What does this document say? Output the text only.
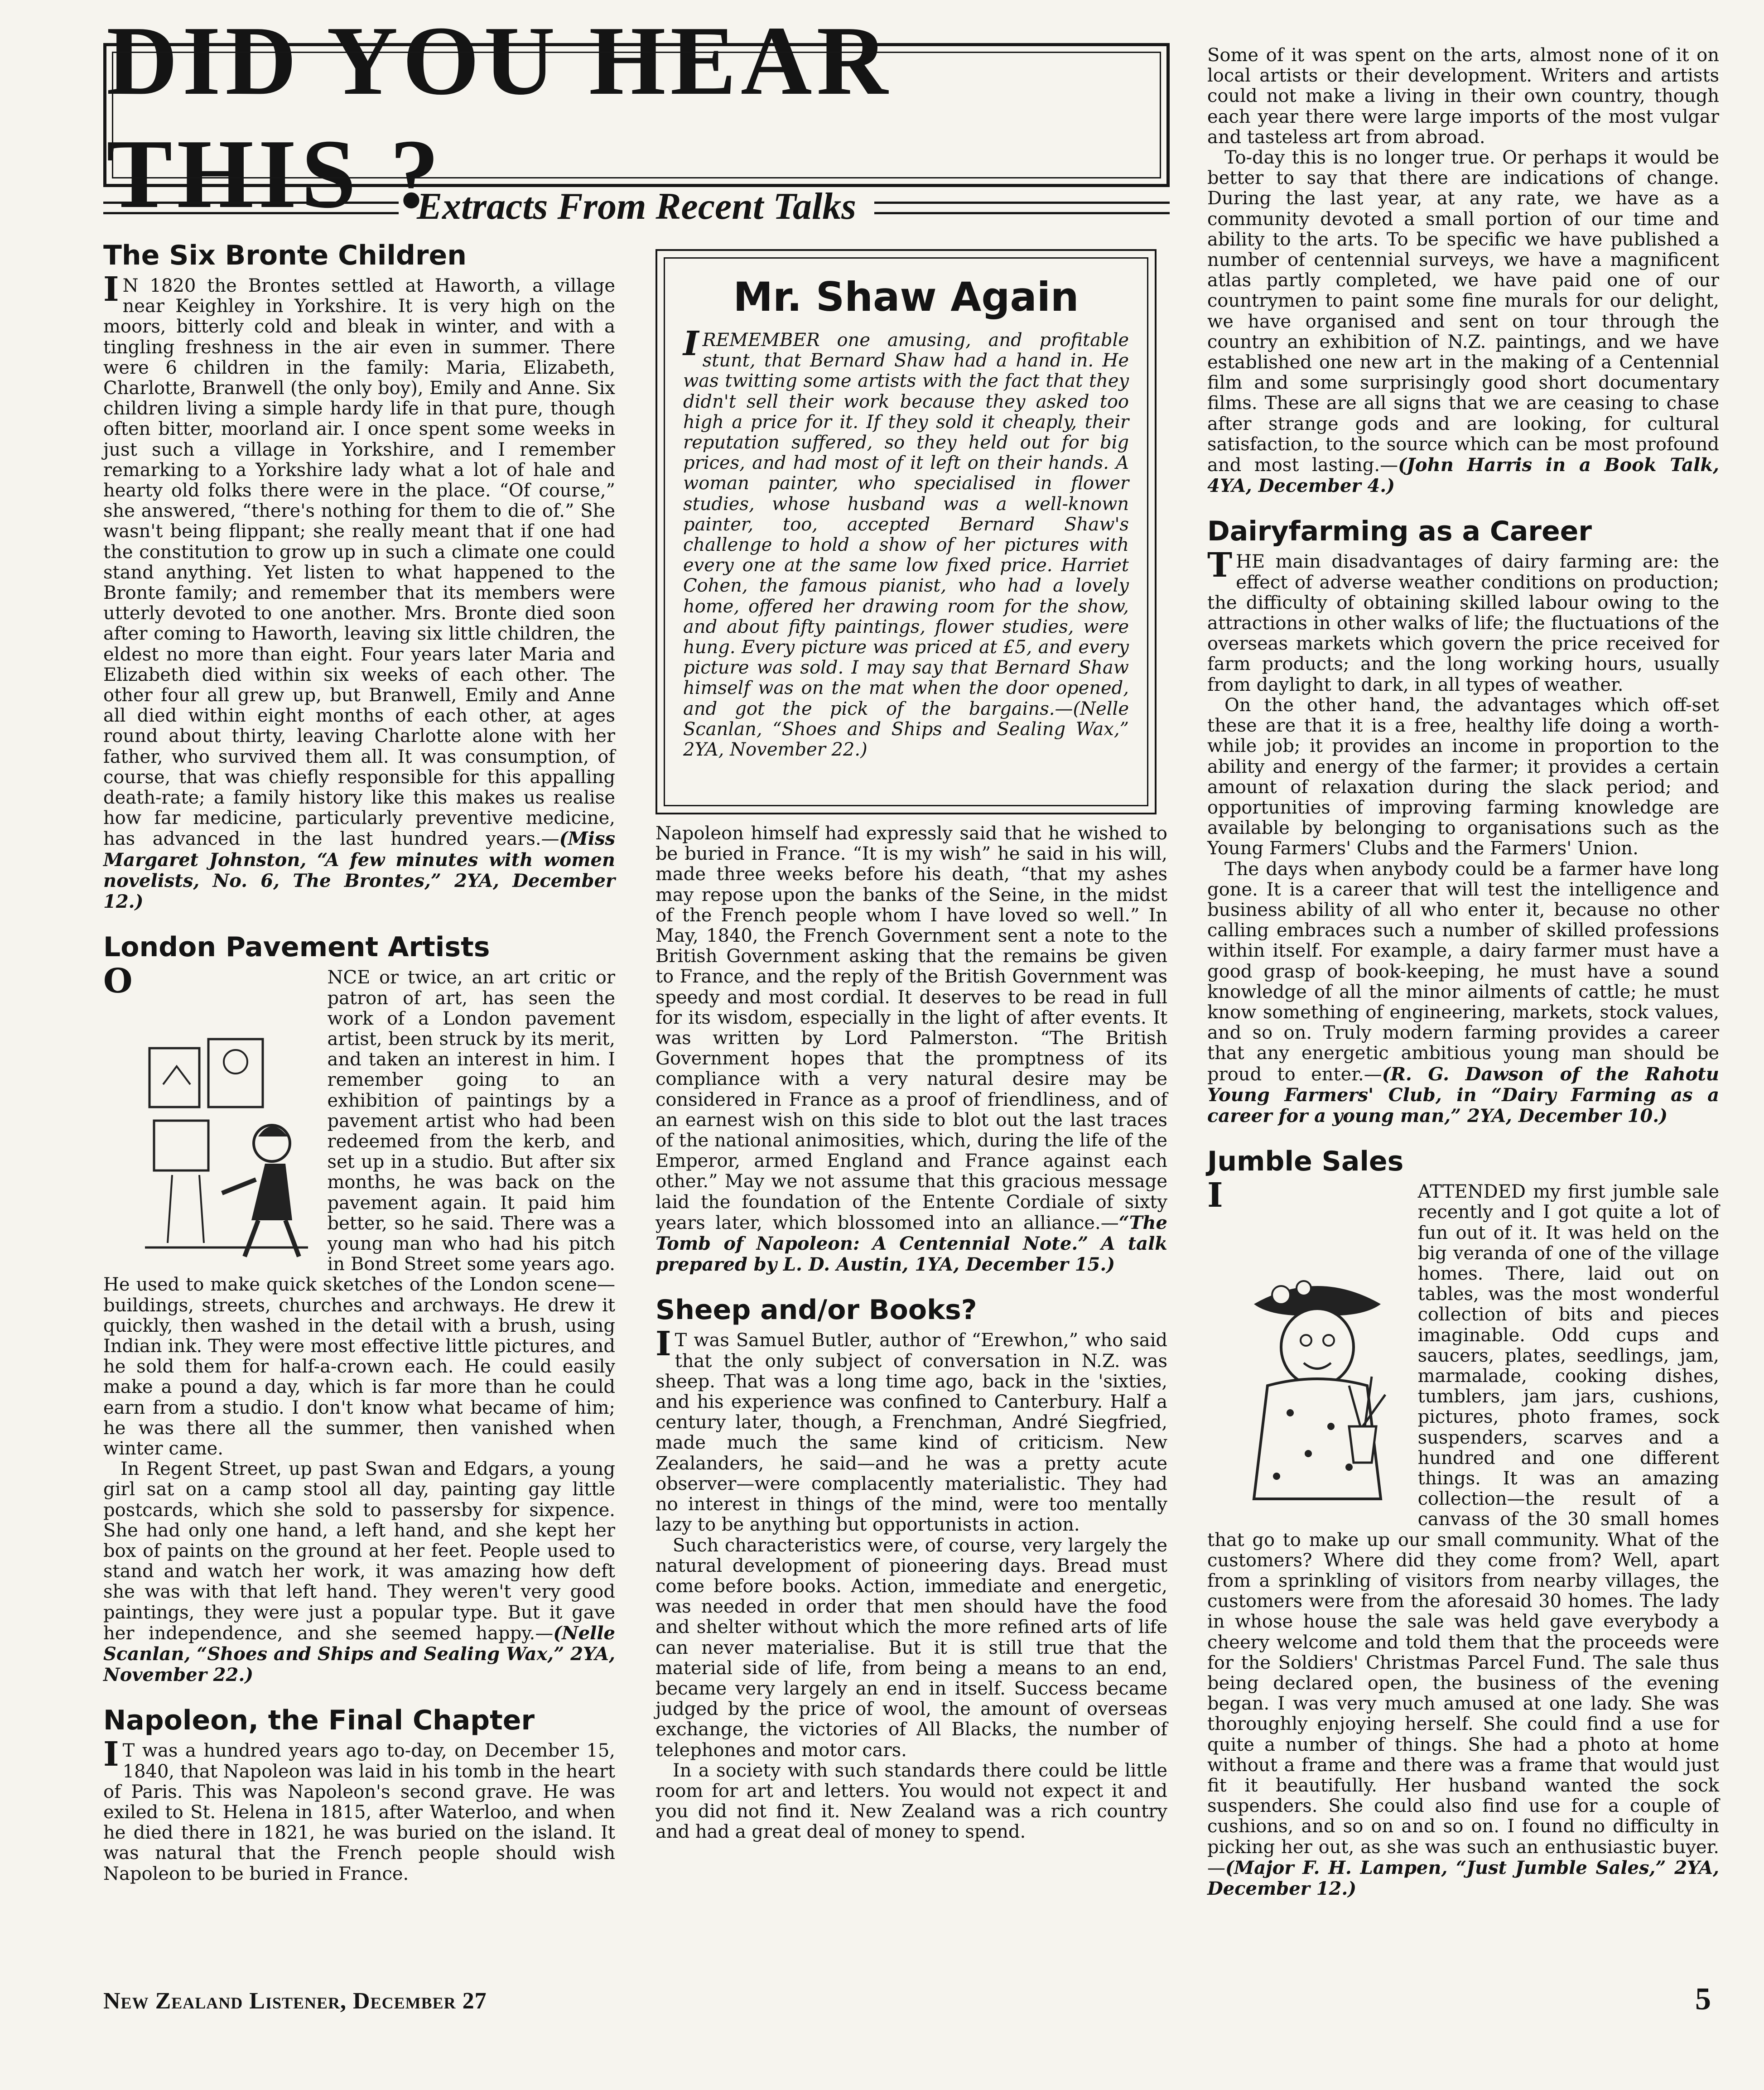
DID YOU HEAR THIS ?
Extracts From Recent Talks
The Six Bronte Children

I N 1820 the Brontes settled at Haworth, a village near Keighley in Yorkshire. It is very high on the moors, bitterly cold and bleak in winter, and with a tingling freshness in the air even in summer. There were 6 children in the family: Maria, Elizabeth, Charlotte, Branwell (the only boy), Emily and Anne. Six children living a simple hardy life in that pure, though often bitter, moorland air. I once spent some weeks in just such a village in Yorkshire, and I remember remarking to a Yorkshire lady what a lot of hale and hearty old folks there were in the place. “Of course,” she answered, “there's nothing for them to die of.” She wasn't being flippant; she really meant that if one had the constitution to grow up in such a climate one could stand anything. Yet listen to what happened to the Bronte family; and remember that its members were utterly devoted to one another. Mrs. Bronte died soon after coming to Haworth, leaving six little children, the eldest no more than eight. Four years later Maria and Elizabeth died within six weeks of each other. The other four all grew up, but Branwell, Emily and Anne all died within eight months of each other, at ages round about thirty, leaving Charlotte alone with her father, who survived them all. It was consumption, of course, that was chiefly responsible for this appalling death-rate; a family history like this makes us realise how far medicine, particularly preventive medicine, has advanced in the last hundred years.—(Miss Margaret Johnston, “A few minutes with women novelists, No. 6, The Brontes,” 2YA, December 12.)

London Pavement Artists

O	NCE or twice, an art critic or patron of art, has seen the work of a London pavement artist, been struck by its merit, and taken an interest in him. I remember going to an exhibition of paintings by a pavement artist who had been redeemed from the kerb, and set up in a studio. But after six months, he was back on the pavement again. It paid him better, so he said. There was a young man who had his pitch in Bond Street some years ago. He used to make quick sketches of the London scene—buildings, streets, churches and archways. He drew it quickly, then washed in the detail with a brush, using Indian ink. They were most effective little pictures, and he sold them for half-a-crown each. He could easily make a pound a day, which is far more than he could earn from a studio. I don't know what became of him; he was there all the summer, then vanished when winter came.

In Regent Street, up past Swan and Edgars, a young girl sat on a camp stool all day, painting gay little postcards, which she sold to passersby for sixpence. She had only one hand, a left hand, and she kept her box of paints on the ground at her feet. People used to stand and watch her work, it was amazing how deft she was with that left hand. They weren't very good paintings, they were just a popular type. But it gave her independence, and she seemed happy.—(Nelle Scanlan, “Shoes and Ships and Sealing Wax,” 2YA, November 22.)

Napoleon, the Final Chapter

I T was a hundred years ago to-day, on December 15, 1840, that Napoleon was laid in his tomb in the heart of Paris. This was Napoleon's second grave. He was exiled to St. Helena in 1815, after Waterloo, and when he died there in 1821, he was buried on the island. It was natural that the French people should wish Napoleon to be buried in France.

Mr. Shaw Again

IREMEMBER one amusing, and profitable stunt, that Bernard Shaw had a hand in. He was twitting some artists with the fact that they didn't sell their work because they asked too high a price for it. If they sold it cheaply, their reputation suffered, so they held out for big prices, and had most of it left on their hands. A woman painter, who specialised in flower studies, whose husband was a well-known painter, too, accepted Bernard Shaw's challenge to hold a show of her pictures with every one at the same low fixed price. Harriet Cohen, the famous pianist, who had a lovely home, offered her drawing room for the show, and about fifty paintings, flower studies, were hung. Every picture was priced at £5, and every picture was sold. I may say that Bernard Shaw himself was on the mat when the door opened, and got the pick of the bargains.—(Nelle Scanlan, “Shoes and Ships and Sealing Wax,” 2YA, November 22.)

Napoleon himself had expressly said that he wished to be buried in France. “It is my wish” he said in his will, made three weeks before his death, “that my ashes may repose upon the banks of the Seine, in the midst of the French people whom I have loved so well.” In May, 1840, the French Government sent a note to the British Government asking that the remains be given to France, and the reply of the British Government was speedy and most cordial. It deserves to be read in full for its wisdom, especially in the light of after events. It was written by Lord Palmerston. “The British Government hopes that the promptness of its compliance with a very natural desire may be considered in France as a proof of friendliness, and of an earnest wish on this side to blot out the last traces of the national animosities, which, during the life of the Emperor, armed England and France against each other.” May we not assume that this gracious message laid the foundation of the Entente Cordiale of sixty years later, which blossomed into an alliance.—“The Tomb of Napoleon: A Centennial Note.” A talk prepared by L. D. Austin, 1YA, December 15.)

Sheep and/or Books?

I T was Samuel Butler, author of “Erewhon,” who said that the only subject of conversation in N.Z. was sheep. That was a long time ago, back in the 'sixties, and his experience was confined to Canterbury. Half a century later, though, a Frenchman, André Siegfried, made much the same kind of criticism. New Zealanders, he said—and he was a pretty acute observer—were complacently materialistic. They had no interest in things of the mind, were too mentally lazy to be anything but opportunists in action.

Such characteristics were, of course, very largely the natural development of pioneering days. Bread must come before books. Action, immediate and energetic, was needed in order that men should have the food and shelter without which the more refined arts of life can never materialise. But it is still true that the material side of life, from being a means to an end, became very largely an end in itself. Success became judged by the price of wool, the amount of overseas exchange, the victories of All Blacks, the number of telephones and motor cars.

In a society with such standards there could be little room for art and letters. You would not expect it and you did not find it. New Zealand was a rich country and had a great deal of money to spend.

Some of it was spent on the arts, almost none of it on local artists or their development. Writers and artists could not make a living in their own country, though each year there were large imports of the most vulgar and tasteless art from abroad.

To-day this is no longer true. Or perhaps it would be better to say that there are indications of change. During the last year, at any rate, we have as a community devoted a small portion of our time and ability to the arts. To be specific we have published a number of centennial surveys, we have a magnificent atlas partly completed, we have paid one of our countrymen to paint some fine murals for our delight, we have organised and sent on tour through the country an exhibition of N.Z. paintings, and we have established one new art in the making of a Centennial film and some surprisingly good short documentary films. These are all signs that we are ceasing to chase after strange gods and are looking, for cultural satisfaction, to the source which can be most profound and most lasting.—(John Harris in a Book Talk, 4YA, December 4.)

Dairyfarming as a Career

THE main disadvantages of dairy farming are: the effect of adverse weather conditions on production; the difficulty of obtaining skilled labour owing to the attractions in other walks of life; the fluctuations of the overseas markets which govern the price received for farm products; and the long working hours, usually from daylight to dark, in all types of weather.

On the other hand, the advantages which off-set these are that it is a free, healthy life doing a worth-while job; it provides an income in proportion to the ability and energy of the farmer; it provides a certain amount of relaxation during the slack period; and opportunities of improving farming knowledge are available by belonging to organisations such as the Young Farmers' Clubs and the Farmers' Union.

The days when anybody could be a farmer have long gone. It is a career that will test the intelligence and business ability of all who enter it, because no other calling embraces such a number of skilled professions within itself. For example, a dairy farmer must have a good grasp of book-keeping, he must have a sound knowledge of all the minor ailments of cattle; he must know something of engineering, markets, stock values, and so on. Truly modern farming provides a career that any energetic ambitious young man should be proud to enter.—(R. G. Dawson of the Rahotu Young Farmers' Club, in “Dairy Farming as a career for a young man,” 2YA, December 10.)

Jumble Sales

I	ATTENDED my first jumble sale recently and I got quite a lot of fun out of it. It was held on the big veranda of one of the village homes. There, laid out on tables, was the most wonderful collection of bits and pieces imaginable. Odd cups and saucers, plates, seedlings, jam, marmalade, cooking dishes, tumblers, jam jars, cushions, pictures, photo frames, sock suspenders, scarves and a hundred and one different things. It was an amazing collection—the result of a canvass of the 30 small homes that go to make up our small community. What of the customers? Where did they come from? Well, apart from a sprinkling of visitors from nearby villages, the customers were from the aforesaid 30 homes. The lady in whose house the sale was held gave everybody a cheery welcome and told them that the proceeds were for the Soldiers' Christmas Parcel Fund. The sale thus being declared open, the business of the evening began. I was very much amused at one lady. She was thoroughly enjoying herself. She could find a use for quite a number of things. She had a photo at home without a frame and there was a frame that would just fit it beautifully. Her husband wanted the sock suspenders. She could also find use for a couple of cushions, and so on and so on. I found no difficulty in picking her out, as she was such an enthusiastic buyer.—(Major F. H. Lampen, “Just Jumble Sales,” 2YA, December 12.)

New Zealand Listener, December 27	5
